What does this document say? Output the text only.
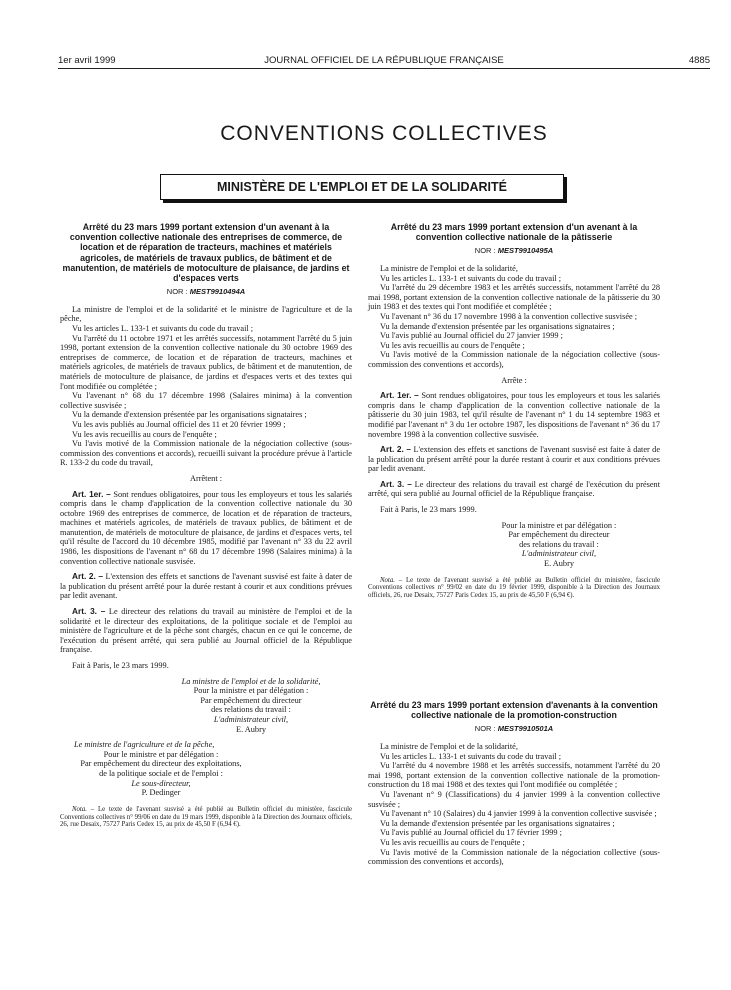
1er avril 1999	JOURNAL OFFICIEL DE LA RÉPUBLIQUE FRANÇAISE	4885
CONVENTIONS COLLECTIVES
MINISTÈRE DE L'EMPLOI ET DE LA SOLIDARITÉ
Arrêté du 23 mars 1999 portant extension d'un avenant à la convention collective nationale des entreprises de commerce, de location et de réparation de tracteurs, machines et matériels agricoles, de matériels de travaux publics, de bâtiment et de manutention, de matériels de motoculture de plaisance, de jardins et d'espaces verts
NOR : MESТ9910494A

La ministre de l'emploi et de la solidarité et le ministre de l'agriculture et de la pêche,

Vu les articles L. 133-1 et suivants du code du travail ;

Vu l'arrêté du 11 octobre 1971 et les arrêtés successifs, notamment l'arrêté du 5 juin 1998, portant extension de la convention collective nationale du 30 octobre 1969 des entreprises de commerce, de location et de réparation de tracteurs, machines et matériels agricoles, de matériels de travaux publics, de bâtiment et de manutention, de matériels de motoculture de plaisance, de jardins et d'espaces verts et des textes qui l'ont modifiée ou complétée ;

Vu l'avenant n° 68 du 17 décembre 1998 (Salaires minima) à la convention collective susvisée ;

Vu la demande d'extension présentée par les organisations signataires ;

Vu les avis publiés au Journal officiel des 11 et 20 février 1999 ;

Vu les avis recueillis au cours de l'enquête ;

Vu l'avis motivé de la Commission nationale de la négociation collective (sous-commission des conventions et accords), recueilli suivant la procédure prévue à l'article R. 133-2 du code du travail,

Arrêtent :

Art. 1er. – Sont rendues obligatoires, pour tous les employeurs et tous les salariés compris dans le champ d'application de la convention collective nationale du 30 octobre 1969 des entreprises de commerce, de location et de réparation de tracteurs, machines et matériels agricoles, de matériels de travaux publics, de bâtiment et de manutention, de matériels de motoculture de plaisance, de jardins et d'espaces verts, tel qu'il résulte de l'accord du 10 décembre 1985, modifié par l'avenant n° 33 du 22 avril 1986, les dispositions de l'avenant n° 68 du 17 décembre 1998 (Salaires minima) à la convention collective nationale susvisée.

Art. 2. – L'extension des effets et sanctions de l'avenant susvisé est faite à dater de la publication du présent arrêté pour la durée restant à courir et aux conditions prévues par ledit avenant.

Art. 3. – Le directeur des relations du travail au ministère de l'emploi et de la solidarité et le directeur des exploitations, de la politique sociale et de l'emploi au ministère de l'agriculture et de la pêche sont chargés, chacun en ce qui le concerne, de l'exécution du présent arrêté, qui sera publié au Journal officiel de la République française.

Fait à Paris, le 23 mars 1999.

La ministre de l'emploi et de la solidarité,

Pour la ministre et par délégation :

Par empêchement du directeur

des relations du travail :

L'administrateur civil,

E. Aubry

Le ministre de l'agriculture et de la pêche,

Pour le ministre et par délégation :

Par empêchement du directeur des exploitations,

de la politique sociale et de l'emploi :

Le sous-directeur,

P. Dedinger

Nota. – Le texte de l'avenant susvisé a été publié au Bulletin officiel du ministère, fascicule Conventions collectives n° 99/06 en date du 19 mars 1999, disponible à la Direction des Journaux officiels, 26, rue Desaix, 75727 Paris Cedex 15, au prix de 45,50 F (6,94 €).

Arrêté du 23 mars 1999 portant extension d'un avenant à la convention collective nationale de la pâtisserie
NOR : MEST9910495A

La ministre de l'emploi et de la solidarité,

Vu les articles L. 133-1 et suivants du code du travail ;

Vu l'arrêté du 29 décembre 1983 et les arrêtés successifs, notamment l'arrêté du 28 mai 1998, portant extension de la convention collective nationale de la pâtisserie du 30 juin 1983 et des textes qui l'ont modifiée et complétée ;

Vu l'avenant n° 36 du 17 novembre 1998 à la convention collective susvisée ;

Vu la demande d'extension présentée par les organisations signataires ;

Vu l'avis publié au Journal officiel du 27 janvier 1999 ;

Vu les avis recueillis au cours de l'enquête ;

Vu l'avis motivé de la Commission nationale de la négociation collective (sous-commission des conventions et accords),

Arrête :

Art. 1er. – Sont rendues obligatoires, pour tous les employeurs et tous les salariés compris dans le champ d'application de la convention collective nationale de la pâtisserie du 30 juin 1983, tel qu'il résulte de l'avenant n° 1 du 14 septembre 1983 et modifié par l'avenant n° 3 du 1er octobre 1987, les dispositions de l'avenant n° 36 du 17 novembre 1998 à la convention collective susvisée.

Art. 2. – L'extension des effets et sanctions de l'avenant susvisé est faite à dater de la publication du présent arrêté pour la durée restant à courir et aux conditions prévues par ledit avenant.

Art. 3. – Le directeur des relations du travail est chargé de l'exécution du présent arrêté, qui sera publié au Journal officiel de la République française.

Fait à Paris, le 23 mars 1999.

Pour la ministre et par délégation :

Par empêchement du directeur

des relations du travail :

L'administrateur civil,

E. Aubry

Nota. – Le texte de l'avenant susvisé a été publié au Bulletin officiel du ministère, fascicule Conventions collectives n° 99/02 en date du 19 février 1999, disponible à la Direction des Journaux officiels, 26, rue Desaix, 75727 Paris Cedex 15, au prix de 45,50 F (6,94 €).

Arrêté du 23 mars 1999 portant extension d'avenants à la convention collective nationale de la promotion-construction
NOR : MEST9910501A

La ministre de l'emploi et de la solidarité,

Vu les articles L. 133-1 et suivants du code du travail ;

Vu l'arrêté du 4 novembre 1988 et les arrêtés successifs, notamment l'arrêté du 20 mai 1998, portant extension de la convention collective nationale de la promotion-construction du 18 mai 1988 et des textes qui l'ont modifiée ou complétée ;

Vu l'avenant n° 9 (Classifications) du 4 janvier 1999 à la convention collective susvisée ;

Vu l'avenant n° 10 (Salaires) du 4 janvier 1999 à la convention collective susvisée ;

Vu la demande d'extension présentée par les organisations signataires ;

Vu l'avis publié au Journal officiel du 17 février 1999 ;

Vu les avis recueillis au cours de l'enquête ;

Vu l'avis motivé de la Commission nationale de la négociation collective (sous-commission des conventions et accords),
